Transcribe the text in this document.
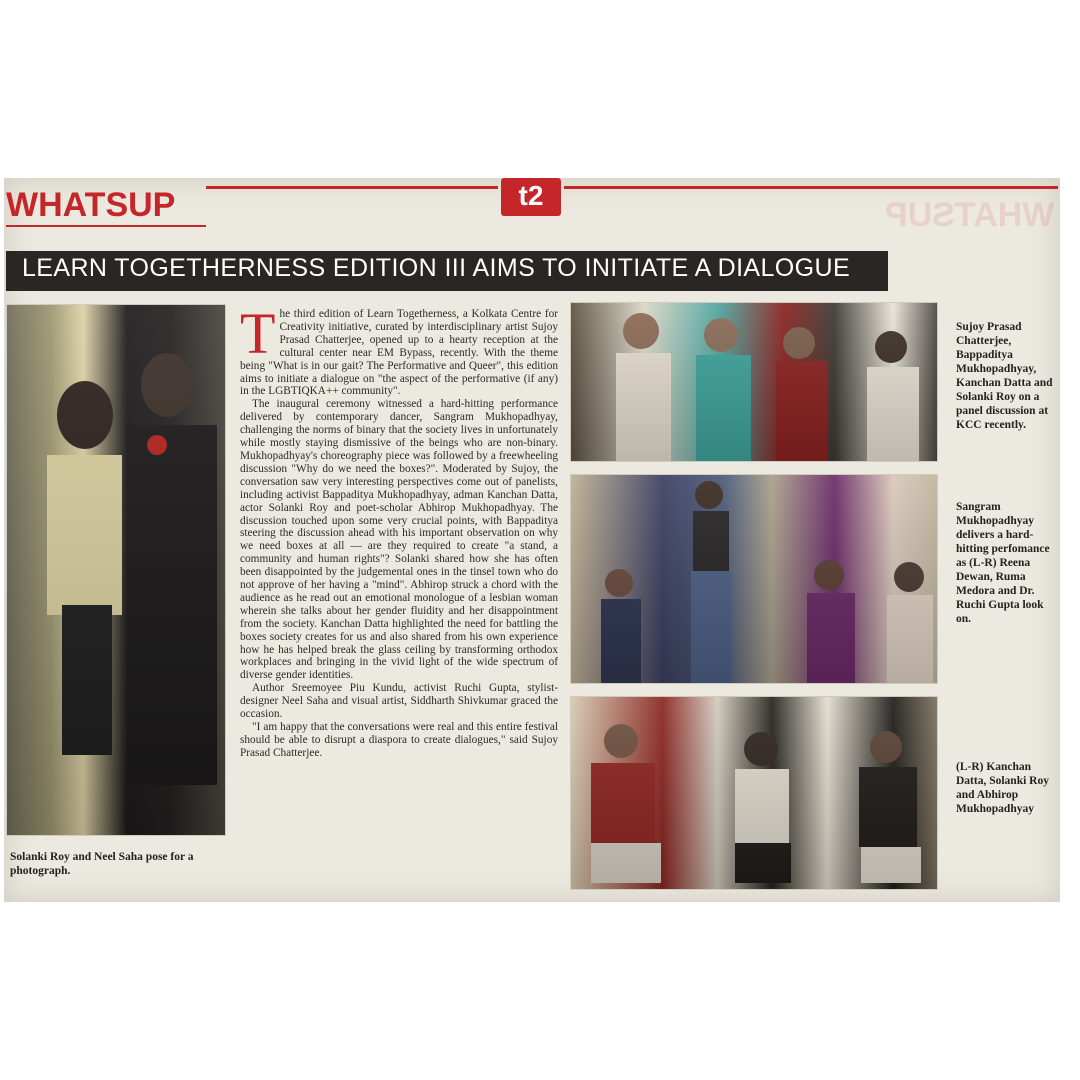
WHATSUP	WHATSUP
t2
LEARN TOGETHERNESS EDITION III AIMS TO INITIATE A DIALOGUE
Solanki Roy and Neel Saha pose for a photograph.
Sujoy Prasad Chatterjee, Bappaditya Mukhopadhyay, Kanchan Datta and Solanki Roy on a panel discussion at KCC recently.
Sangram Mukhopadhyay delivers a hard-hitting perfomance as (L-R) Reena Dewan, Ruma Medora and Dr. Ruchi Gupta look on.
(L-R) Kanchan Datta, Solanki Roy and Abhirop Mukhopadhyay

The third edition of Learn Togetherness, a Kolkata Centre for Creativity initiative, curated by interdisciplinary artist Sujoy Prasad Chatterjee, opened up to a hearty reception at the cultural center near EM Bypass, recently. With the theme being "What is in our gait? The Performative and Queer", this edition aims to initiate a dialogue on "the aspect of the performative (if any) in the LGBTIQKA++ community".

The inaugural ceremony witnessed a hard-hitting performance delivered by contemporary dancer, Sangram Mukhopadhyay, challenging the norms of binary that the society lives in unfortunately while mostly staying dismissive of the beings who are non-binary. Mukhopadhyay's choreography piece was followed by a freewheeling discussion "Why do we need the boxes?". Moderated by Sujoy, the conversation saw very interesting perspectives come out of panelists, including activist Bappaditya Mukhopadhyay, adman Kanchan Datta, actor Solanki Roy and poet-scholar Abhirop Mukhopadhyay. The discussion touched upon some very crucial points, with Bappaditya steering the discussion ahead with his important observation on why we need boxes at all — are they required to create "a stand, a community and human rights"? Solanki shared how she has often been disappointed by the judgemental ones in the tinsel town who do not approve of her having a "mind". Abhirop struck a chord with the audience as he read out an emotional monologue of a lesbian woman wherein she talks about her gender fluidity and her disappointment from the society. Kanchan Datta highlighted the need for battling the boxes society creates for us and also shared from his own experience how he has helped break the glass ceiling by transforming orthodox workplaces and bringing in the vivid light of the wide spectrum of diverse gender identities.

Author Sreemoyee Piu Kundu, activist Ruchi Gupta, stylist-designer Neel Saha and visual artist, Siddharth Shivkumar graced the occasion.

"I am happy that the conversations were real and this entire festival should be able to disrupt a diaspora to create dialogues," said Sujoy Prasad Chatterjee.
